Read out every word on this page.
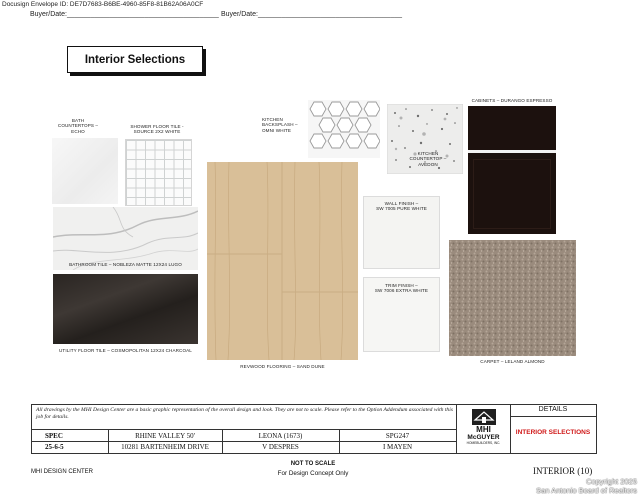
Docusign Envelope ID: DE7D7683-B6BE-4960-85F8-81B62A06A0CF
Buyer/Date:_______________________________________ Buyer/Date:_____________________________________
Interior Selections
BATH
COUNTERTOPS –
ECHO
SHOWER FLOOR TILE -
SOURCE 2X2 WHITE
KITCHEN
BACKSPLASH –
OMNI WHITE
KITCHEN
COUNTERTOP –
AVEDON
CABINETS – DURANGO ESPRESSO
BATHROOM TILE – NOBLEZA MATTE 12X24 LUGO
UTILITY FLOOR TILE – COSMOPOLITAN 12X24 CHARCOAL
REVWOOD FLOORING – SAND DUNE
WALL FINISH –
SW 7005 PURE WHITE
TRIM FINISH –
SW 7006 EXTRA WHITE
CARPET – LELAND ALMOND
All drawings by the MHI Design Center are a basic graphic representation of the overall design and look. They are not to scale. Please refer to the Option Addendum associated with this job for details.
SPEC	RHINE VALLEY 50'	LEONA (1673)	SPG247
25-6-5	10281 BARTENHEIM DRIVE	V DESPRES	I MAYEN
MHI
McGUYER
HOMEBUILDERS, INC.
DETAILS
INTERIOR SELECTIONS
MHI DESIGN CENTER
NOT TO SCALE
For Design Concept Only	INTERIOR (10)
Copyright 2025
San Antonio Board of Realtors
